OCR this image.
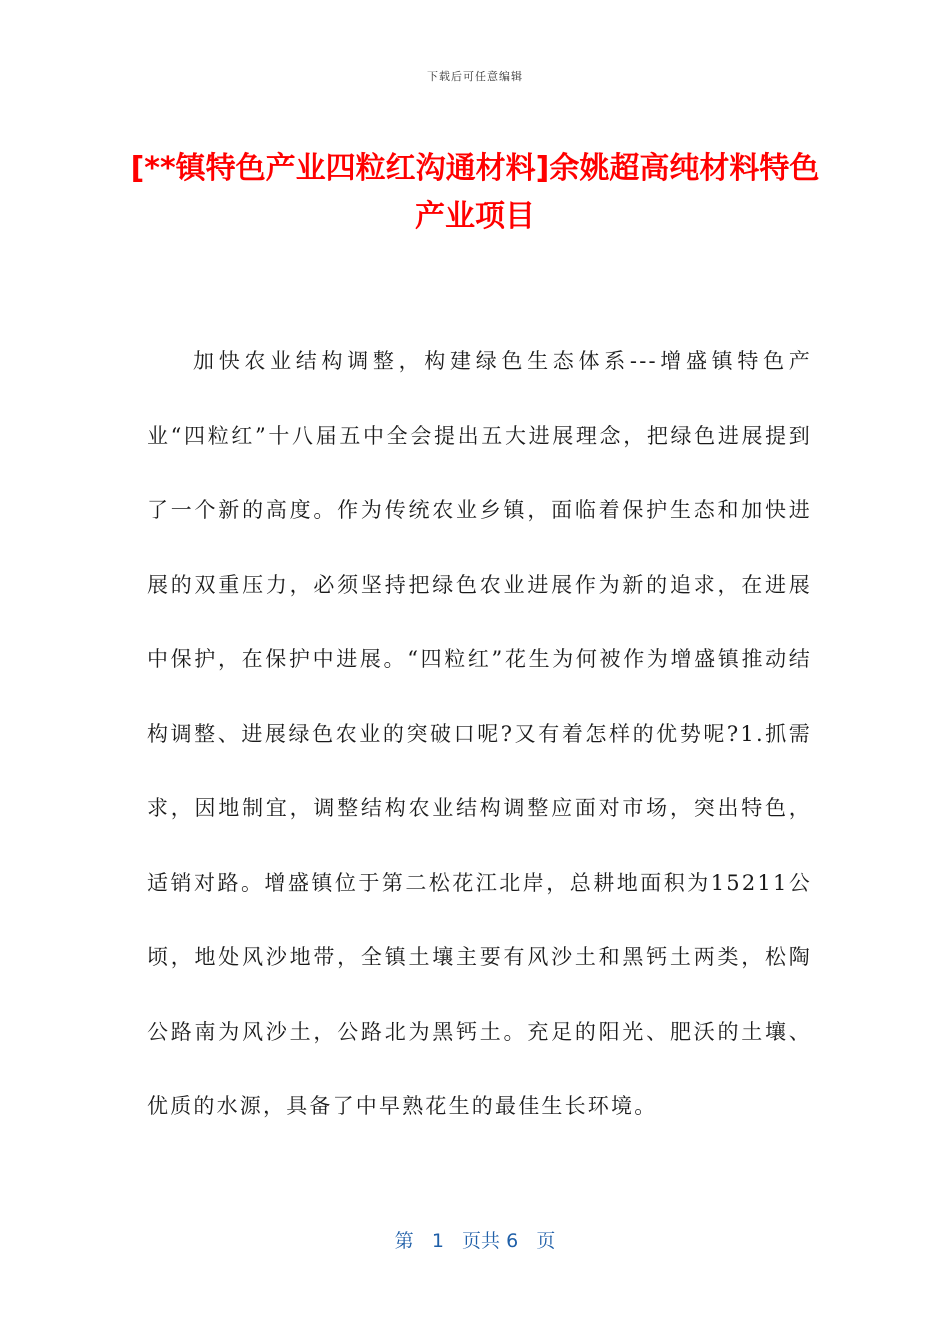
下载后可任意编辑
[**镇特色产业四粒红沟通材料]余姚超高纯材料特色产业项目

加快农业结构调整，构建绿色生态体系---增盛镇特色产业“四粒红”十八届五中全会提出五大进展理念，把绿色进展提到了一个新的高度。作为传统农业乡镇，面临着保护生态和加快进展的双重压力，必须坚持把绿色农业进展作为新的追求，在进展中保护，在保护中进展。“四粒红”花生为何被作为增盛镇推动结构调整、进展绿色农业的突破口呢?又有着怎样的优势呢?1.抓需求，因地制宜，调整结构农业结构调整应面对市场，突出特色，适销对路。增盛镇位于第二松花江北岸，总耕地面积为15211公顷，地处风沙地带，全镇土壤主要有风沙土和黑钙土两类，松陶公路南为风沙土，公路北为黑钙土。充足的阳光、肥沃的土壤、优质的水源，具备了中早熟花生的最佳生长环境。

第 1 页共 6 页
